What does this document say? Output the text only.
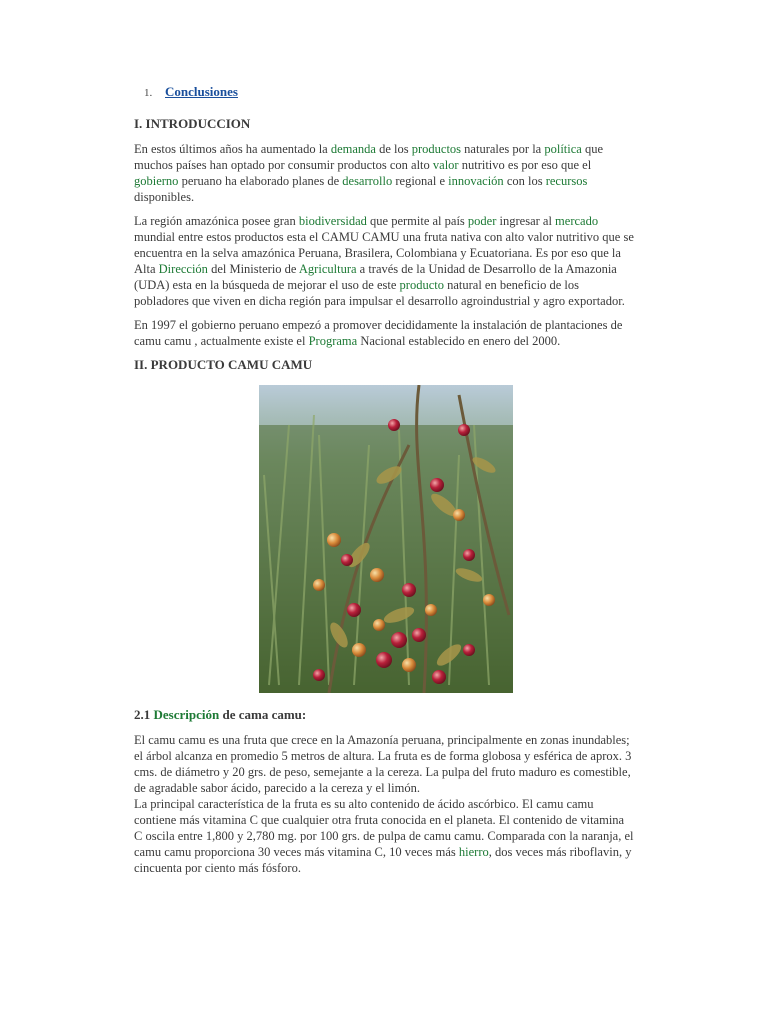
1. Conclusiones
I. INTRODUCCION

En estos últimos años ha aumentado la demanda de los productos naturales por la política que muchos países han optado por consumir productos con alto valor nutritivo es por eso que el gobierno peruano ha elaborado planes de desarrollo regional e innovación con los recursos disponibles.

La región amazónica posee gran biodiversidad que permite al país poder ingresar al mercado mundial entre estos productos esta el CAMU CAMU una fruta nativa con alto valor nutritivo que se encuentra en la selva amazónica Peruana, Brasilera, Colombiana y Ecuatoriana. Es por eso que la Alta Dirección del Ministerio de Agricultura a través de la Unidad de Desarrollo de la Amazonia (UDA) esta en la búsqueda de mejorar el uso de este producto natural en beneficio de los pobladores que viven en dicha región para impulsar el desarrollo agroindustrial y agro exportador.

En 1997 el gobierno peruano empezó a promover decididamente la instalación de plantaciones de camu camu , actualmente existe el Programa Nacional establecido en enero del 2000.

II. PRODUCTO CAMU CAMU
2.1 Descripción de cama camu:

El camu camu es una fruta que crece en la Amazonía peruana, principalmente en zonas inundables; el árbol alcanza en promedio 5 metros de altura. La fruta es de forma globosa y esférica de aprox. 3 cms. de diámetro y 20 grs. de peso, semejante a la cereza. La pulpa del fruto maduro es comestible, de agradable sabor ácido, parecido a la cereza y el limón.

La principal característica de la fruta es su alto contenido de ácido ascórbico. El camu camu contiene más vitamina C que cualquier otra fruta conocida en el planeta. El contenido de vitamina C oscila entre 1,800 y 2,780 mg. por 100 grs. de pulpa de camu camu. Comparada con la naranja, el camu camu proporciona 30 veces más vitamina C, 10 veces más hierro, dos veces más riboflavin, y cincuenta por ciento más fósforo.
